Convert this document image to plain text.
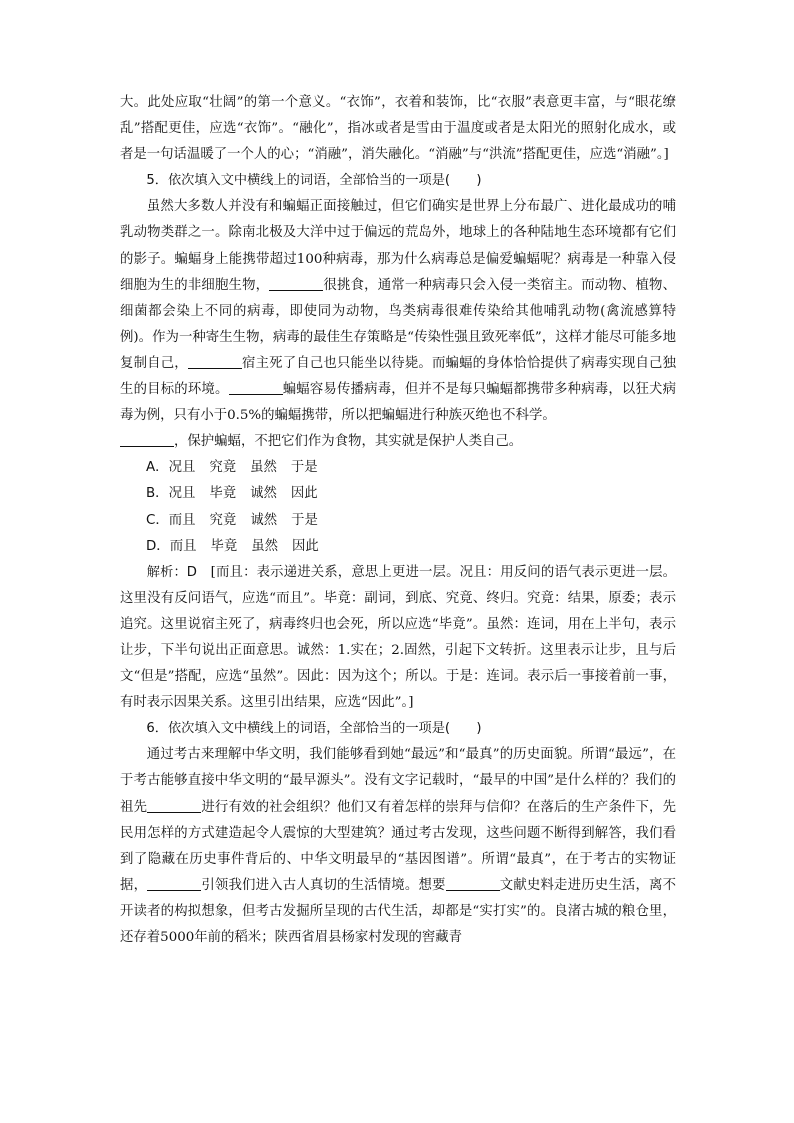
大。此处应取“壮阔”的第一个意义。“衣饰”，衣着和装饰，比“衣服”表意更丰富，与“眼花缭乱”搭配更佳，应选“衣饰”。“融化”，指冰或者是雪由于温度或者是太阳光的照射化成水，或者是一句话温暖了一个人的心；“消融”，消失融化。“消融”与“洪流”搭配更佳，应选“消融”。]

5．依次填入文中横线上的词语，全部恰当的一项是(　　)

虽然大多数人并没有和蝙蝠正面接触过，但它们确实是世界上分布最广、进化最成功的哺乳动物类群之一。除南北极及大洋中过于偏远的荒岛外，地球上的各种陆地生态环境都有它们的影子。蝙蝠身上能携带超过100种病毒，那为什么病毒总是偏爱蝙蝠呢？病毒是一种靠入侵细胞为生的非细胞生物，	很挑食，通常一种病毒只会入侵一类宿主。而动物、植物、细菌都会染上不同的病毒，即使同为动物，鸟类病毒很难传染给其他哺乳动物(禽流感算特例)。作为一种寄生生物，病毒的最佳生存策略是“传染性强且致死率低”，这样才能尽可能多地复制自己，	宿主死了自己也只能坐以待毙。而蝙蝠的身体恰恰提供了病毒实现自己独生的目标的环境。	蝙蝠容易传播病毒，但并不是每只蝙蝠都携带多种病毒，以狂犬病毒为例，只有小于0.5%的蝙蝠携带，所以把蝙蝠进行种族灭绝也不科学。

，保护蝙蝠，不把它们作为食物，其实就是保护人类自己。

A．况且 究竟 虽然 于是

B．况且 毕竟 诚然 因此

C．而且 究竟 诚然 于是

D．而且 毕竟 虽然 因此

解析：D　 [而且：表示递进关系，意思上更进一层。况且：用反问的语气表示更进一层。这里没有反问语气，应选“而且”。毕竟：副词，到底、究竟、终归。究竟：结果，原委；表示追究。这里说宿主死了，病毒终归也会死，所以应选“毕竟”。虽然：连词，用在上半句，表示让步，下半句说出正面意思。诚然：1.实在；2.固然，引起下文转折。这里表示让步，且与后文“但是”搭配，应选“虽然”。因此：因为这个；所以。于是：连词。表示后一事接着前一事，有时表示因果关系。这里引出结果，应选“因此”。]

6．依次填入文中横线上的词语，全部恰当的一项是(　　)

通过考古来理解中华文明，我们能够看到她“最远”和“最真”的历史面貌。所谓“最远”，在于考古能够直接中华文明的“最早源头”。没有文字记载时，“最早的中国”是什么样的？我们的祖先	进行有效的社会组织？他们又有着怎样的崇拜与信仰？在落后的生产条件下，先民用怎样的方式建造起令人震惊的大型建筑？通过考古发现，这些问题不断得到解答，我们看到了隐藏在历史事件背后的、中华文明最早的“基因图谱”。所谓“最真”，在于考古的实物证据，	引领我们进入古人真切的生活情境。想要	文献史料走进历史生活，离不开读者的构拟想象，但考古发掘所呈现的古代生活，却都是“实打实”的。良渚古城的粮仓里，还存着5000年前的稻米；陕西省眉县杨家村发现的窖藏青
